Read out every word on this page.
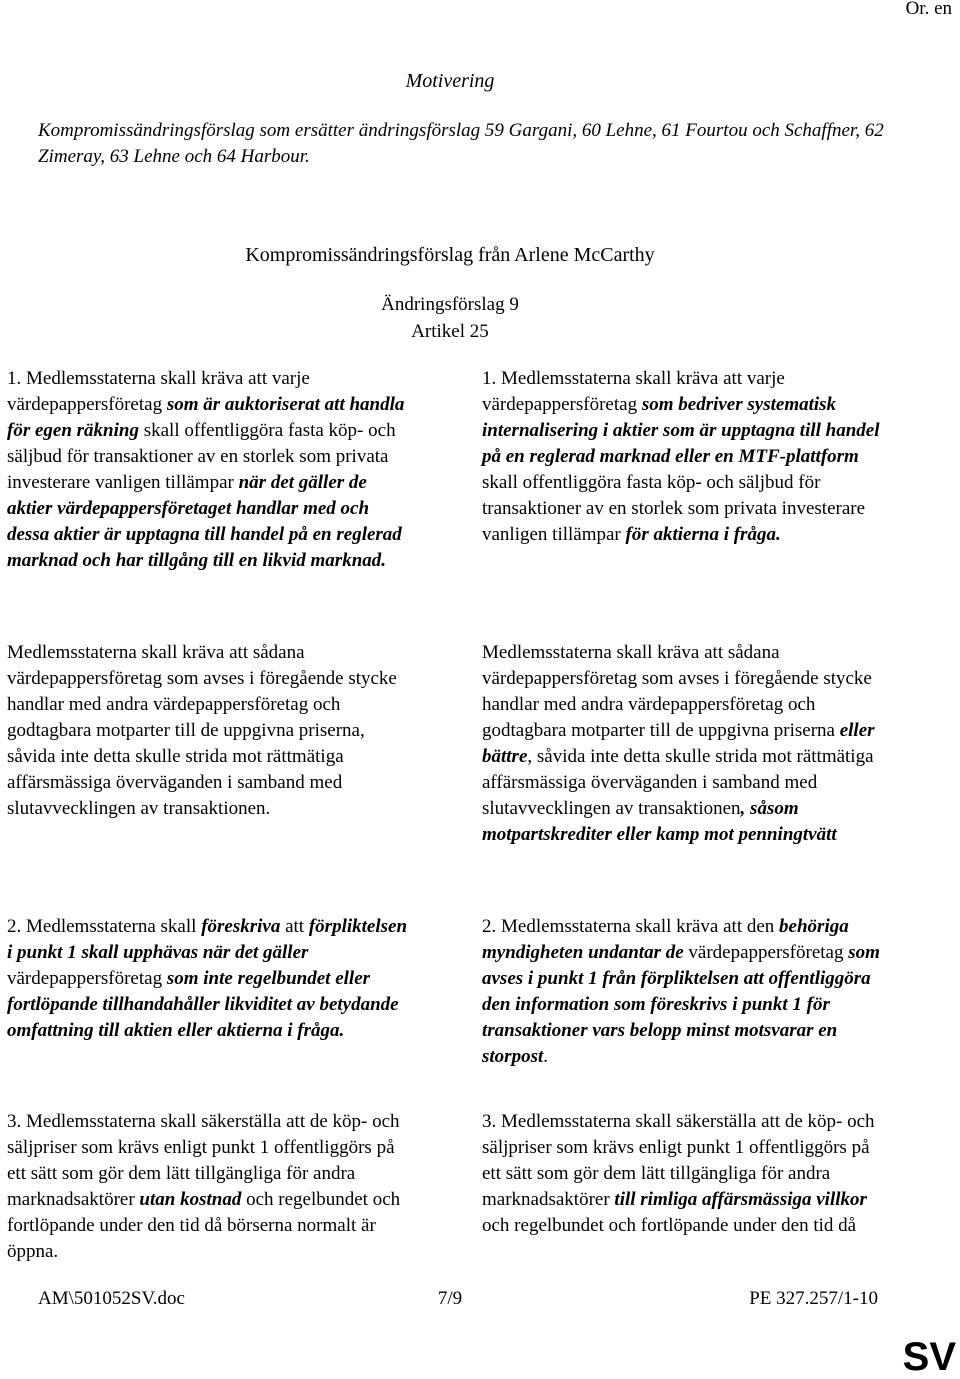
Or. en
Motivering
Kompromissändringsförslag som ersätter ändringsförslag 59 Gargani, 60 Lehne, 61 Fourtou och Schaffner, 62 Zimeray, 63 Lehne och 64 Harbour.
Kompromissändringsförslag från Arlene McCarthy
Ändringsförslag 9
Artikel 25

1. Medlemsstaterna skall kräva att varje värdepappersföretag som är auktoriserat att handla för egen räkning skall offentliggöra fasta köp- och säljbud för transaktioner av en storlek som privata investerare vanligen tillämpar när det gäller de aktier värdepappersföretaget handlar med och dessa aktier är upptagna till handel på en reglerad marknad och har tillgång till en likvid marknad.

Medlemsstaterna skall kräva att sådana värdepappersföretag som avses i föregående stycke handlar med andra värdepappersföretag och godtagbara motparter till de uppgivna priserna, såvida inte detta skulle strida mot rättmätiga affärsmässiga överväganden i samband med slutavvecklingen av transaktionen.

2. Medlemsstaterna skall föreskriva att förpliktelsen i punkt 1 skall upphävas när det gäller värdepappersföretag som inte regelbundet eller fortlöpande tillhandahåller likviditet av betydande omfattning till aktien eller aktierna i fråga.

3. Medlemsstaterna skall säkerställa att de köp- och säljpriser som krävs enligt punkt 1 offentliggörs på ett sätt som gör dem lätt tillgängliga för andra marknadsaktörer utan kostnad och regelbundet och fortlöpande under den tid då börserna normalt är öppna.

1. Medlemsstaterna skall kräva att varje värdepappersföretag som bedriver systematisk internalisering i aktier som är upptagna till handel på en reglerad marknad eller en MTF-plattform skall offentliggöra fasta köp- och säljbud för transaktioner av en storlek som privata investerare vanligen tillämpar för aktierna i fråga.

Medlemsstaterna skall kräva att sådana värdepappersföretag som avses i föregående stycke handlar med andra värdepappersföretag och godtagbara motparter till de uppgivna priserna eller bättre, såvida inte detta skulle strida mot rättmätiga affärsmässiga överväganden i samband med slutavvecklingen av transaktionen, såsom motpartskrediter eller kamp mot penningtvätt

2. Medlemsstaterna skall kräva att den behöriga myndigheten undantar de värdepappersföretag som avses i punkt 1 från förpliktelsen att offentliggöra den information som föreskrivs i punkt 1 för transaktioner vars belopp minst motsvarar en storpost.

3. Medlemsstaterna skall säkerställa att de köp- och säljpriser som krävs enligt punkt 1 offentliggörs på ett sätt som gör dem lätt tillgängliga för andra marknadsaktörer till rimliga affärsmässiga villkor och regelbundet och fortlöpande under den tid då

AM\501052SV.doc	7/9	PE 327.257/1-10
SV
